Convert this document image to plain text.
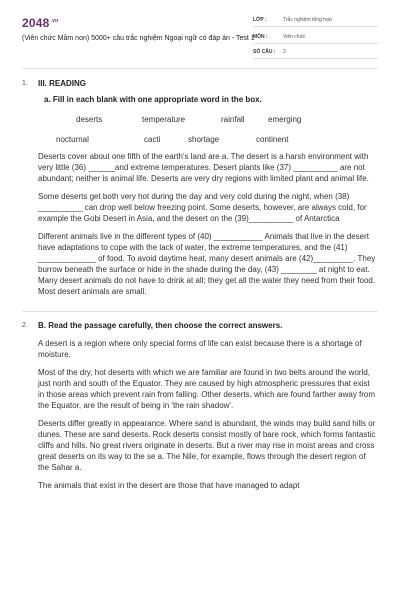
$2048^{.vn}$
(Viên chức Mầm non) 5000+ câu trắc nghiệm Ngoại ngữ có đáp án - Test 1
LỚP :	Trắc nghiệm tổng hợp
MÔN :	Viên chức
SỐ CÂU : 2
1. III. READING
a. Fill in each blank with one appropriate word in the box.
deserts	temperature	rainfall	emerging
nocturnal	cacti	shortage	continent

Deserts cover about one fifth of the earth's land are a. The desert is a harsh environment with very little (36) ______and extreme temperatures. Desert plants like (37) __________ are not abundant; neither is animal life. Deserts are very dry regions with limited plant and animal life.

Some deserts get both very hot during the day and very cold during the night, when (38) __________ can drop well below freezing point. Some deserts, however, are always cold, for example the Gobi Desert in Asia, and the desert on the (39)__________ of Antarctica

Different animals live in the different types of (40) ___________ Animals that live in the desert have adaptations to cope with the lack of water, the extreme temperatures, and the (41) _____________ of food. To avoid daytime heat, many desert animals are (42)_________. They burrow beneath the surface or hide in the shade during the day, (43) ________ at night to eat. Many desert animals do not have to drink at all; they get all the water they need from their food. Most desert animals are small.

2. B. Read the passage carefully, then choose the correct answers.

A desert is a region where only special forms of life can exist because there is a shortage of moisture.

Most of the dry, hot deserts with which we are familiar are found in two belts around the world, just north and south of the Equator. They are caused by high atmospheric pressures that exist in those areas which prevent rain from falling. Other deserts, which are found farther away from the Equator, are the result of being in 'the rain shadow'.

Deserts differ greatly in appearance. Where sand is abundant, the winds may build sand hills or dunes. These are sand deserts. Rock deserts consist mostly of bare rock, which forms fantastic cliffs and hills. No great rivers originate in deserts. But a river may rise in moist areas and cross great deserts on its way to the se a. The Nile, for example, flows through the desert region of the Sahar a.

The animals that exist in the desert are those that have managed to adapt
